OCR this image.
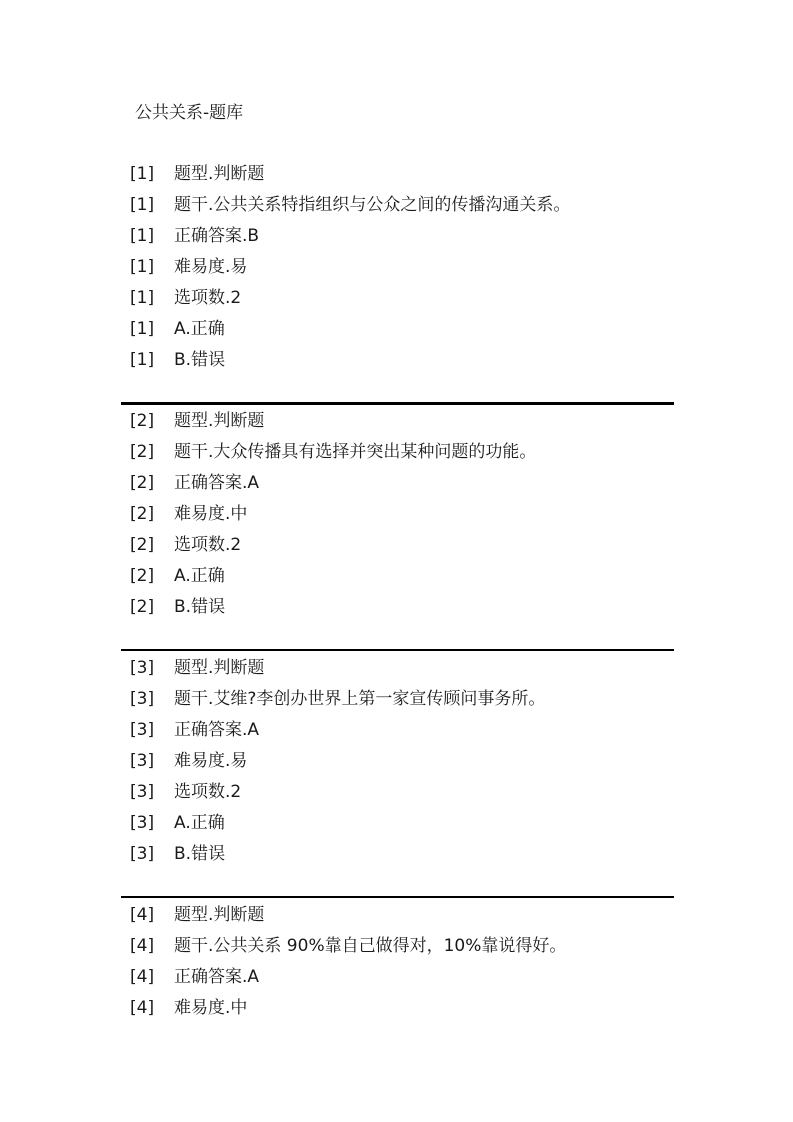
公共关系-题库
[1] 题型.判断题
[1] 题干.公共关系特指组织与公众之间的传播沟通关系。
[1] 正确答案.B
[1] 难易度.易
[1] 选项数.2
[1] A.正确
[1] B.错误
[2] 题型.判断题
[2] 题干.大众传播具有选择并突出某种问题的功能。
[2] 正确答案.A
[2] 难易度.中
[2] 选项数.2
[2] A.正确
[2] B.错误
[3] 题型.判断题
[3] 题干.艾维?李创办世界上第一家宣传顾问事务所。
[3] 正确答案.A
[3] 难易度.易
[3] 选项数.2
[3] A.正确
[3] B.错误
[4] 题型.判断题
[4] 题干.公共关系 90%靠自己做得对，10%靠说得好。
[4] 正确答案.A
[4] 难易度.中
